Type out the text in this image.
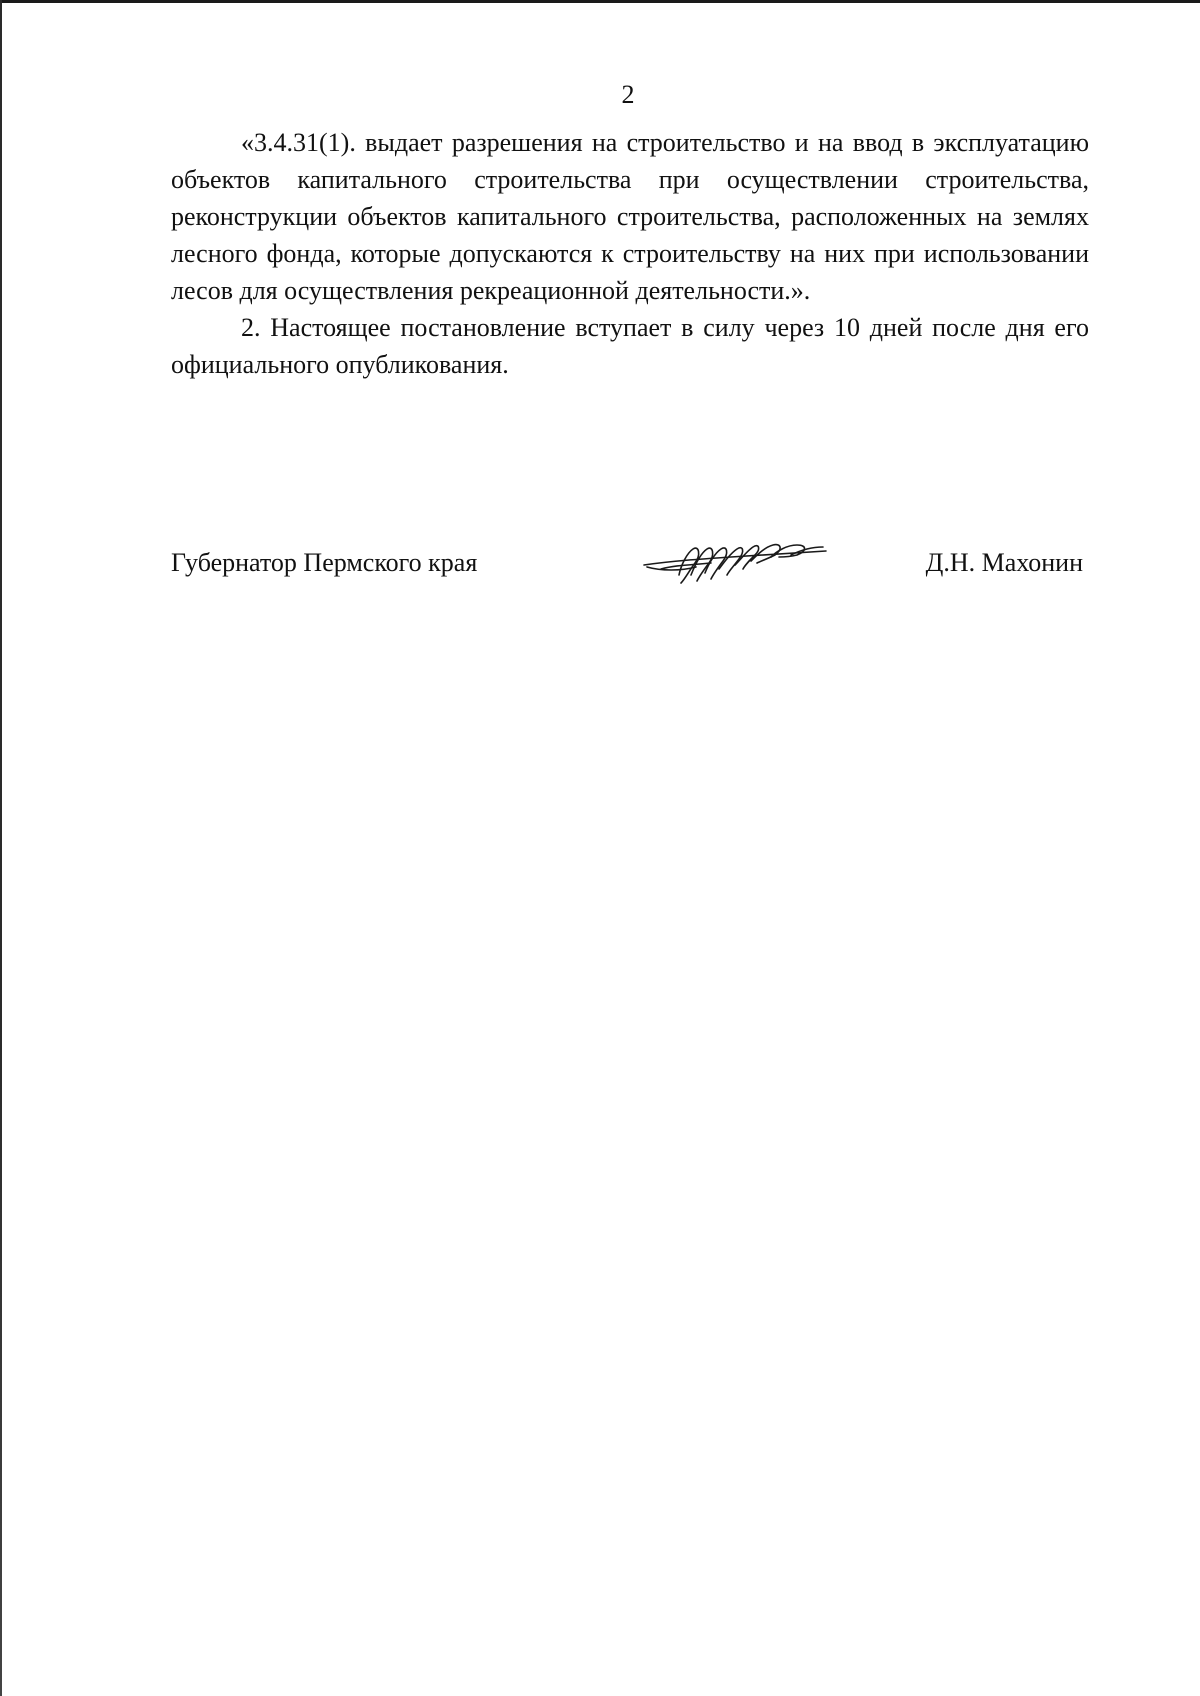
2

«3.4.31(1). выдает разрешения на строительство и на ввод в эксплуатацию объектов капитального строительства при осуществлении строительства, реконструкции объектов капитального строительства, расположенных на землях лесного фонда, которые допускаются к строительству на них при использовании лесов для осуществления рекреационной деятельности.».

2. Настоящее постановление вступает в силу через 10 дней после дня его официального опубликования.

Губернатор Пермского края	Д.Н. Махонин
